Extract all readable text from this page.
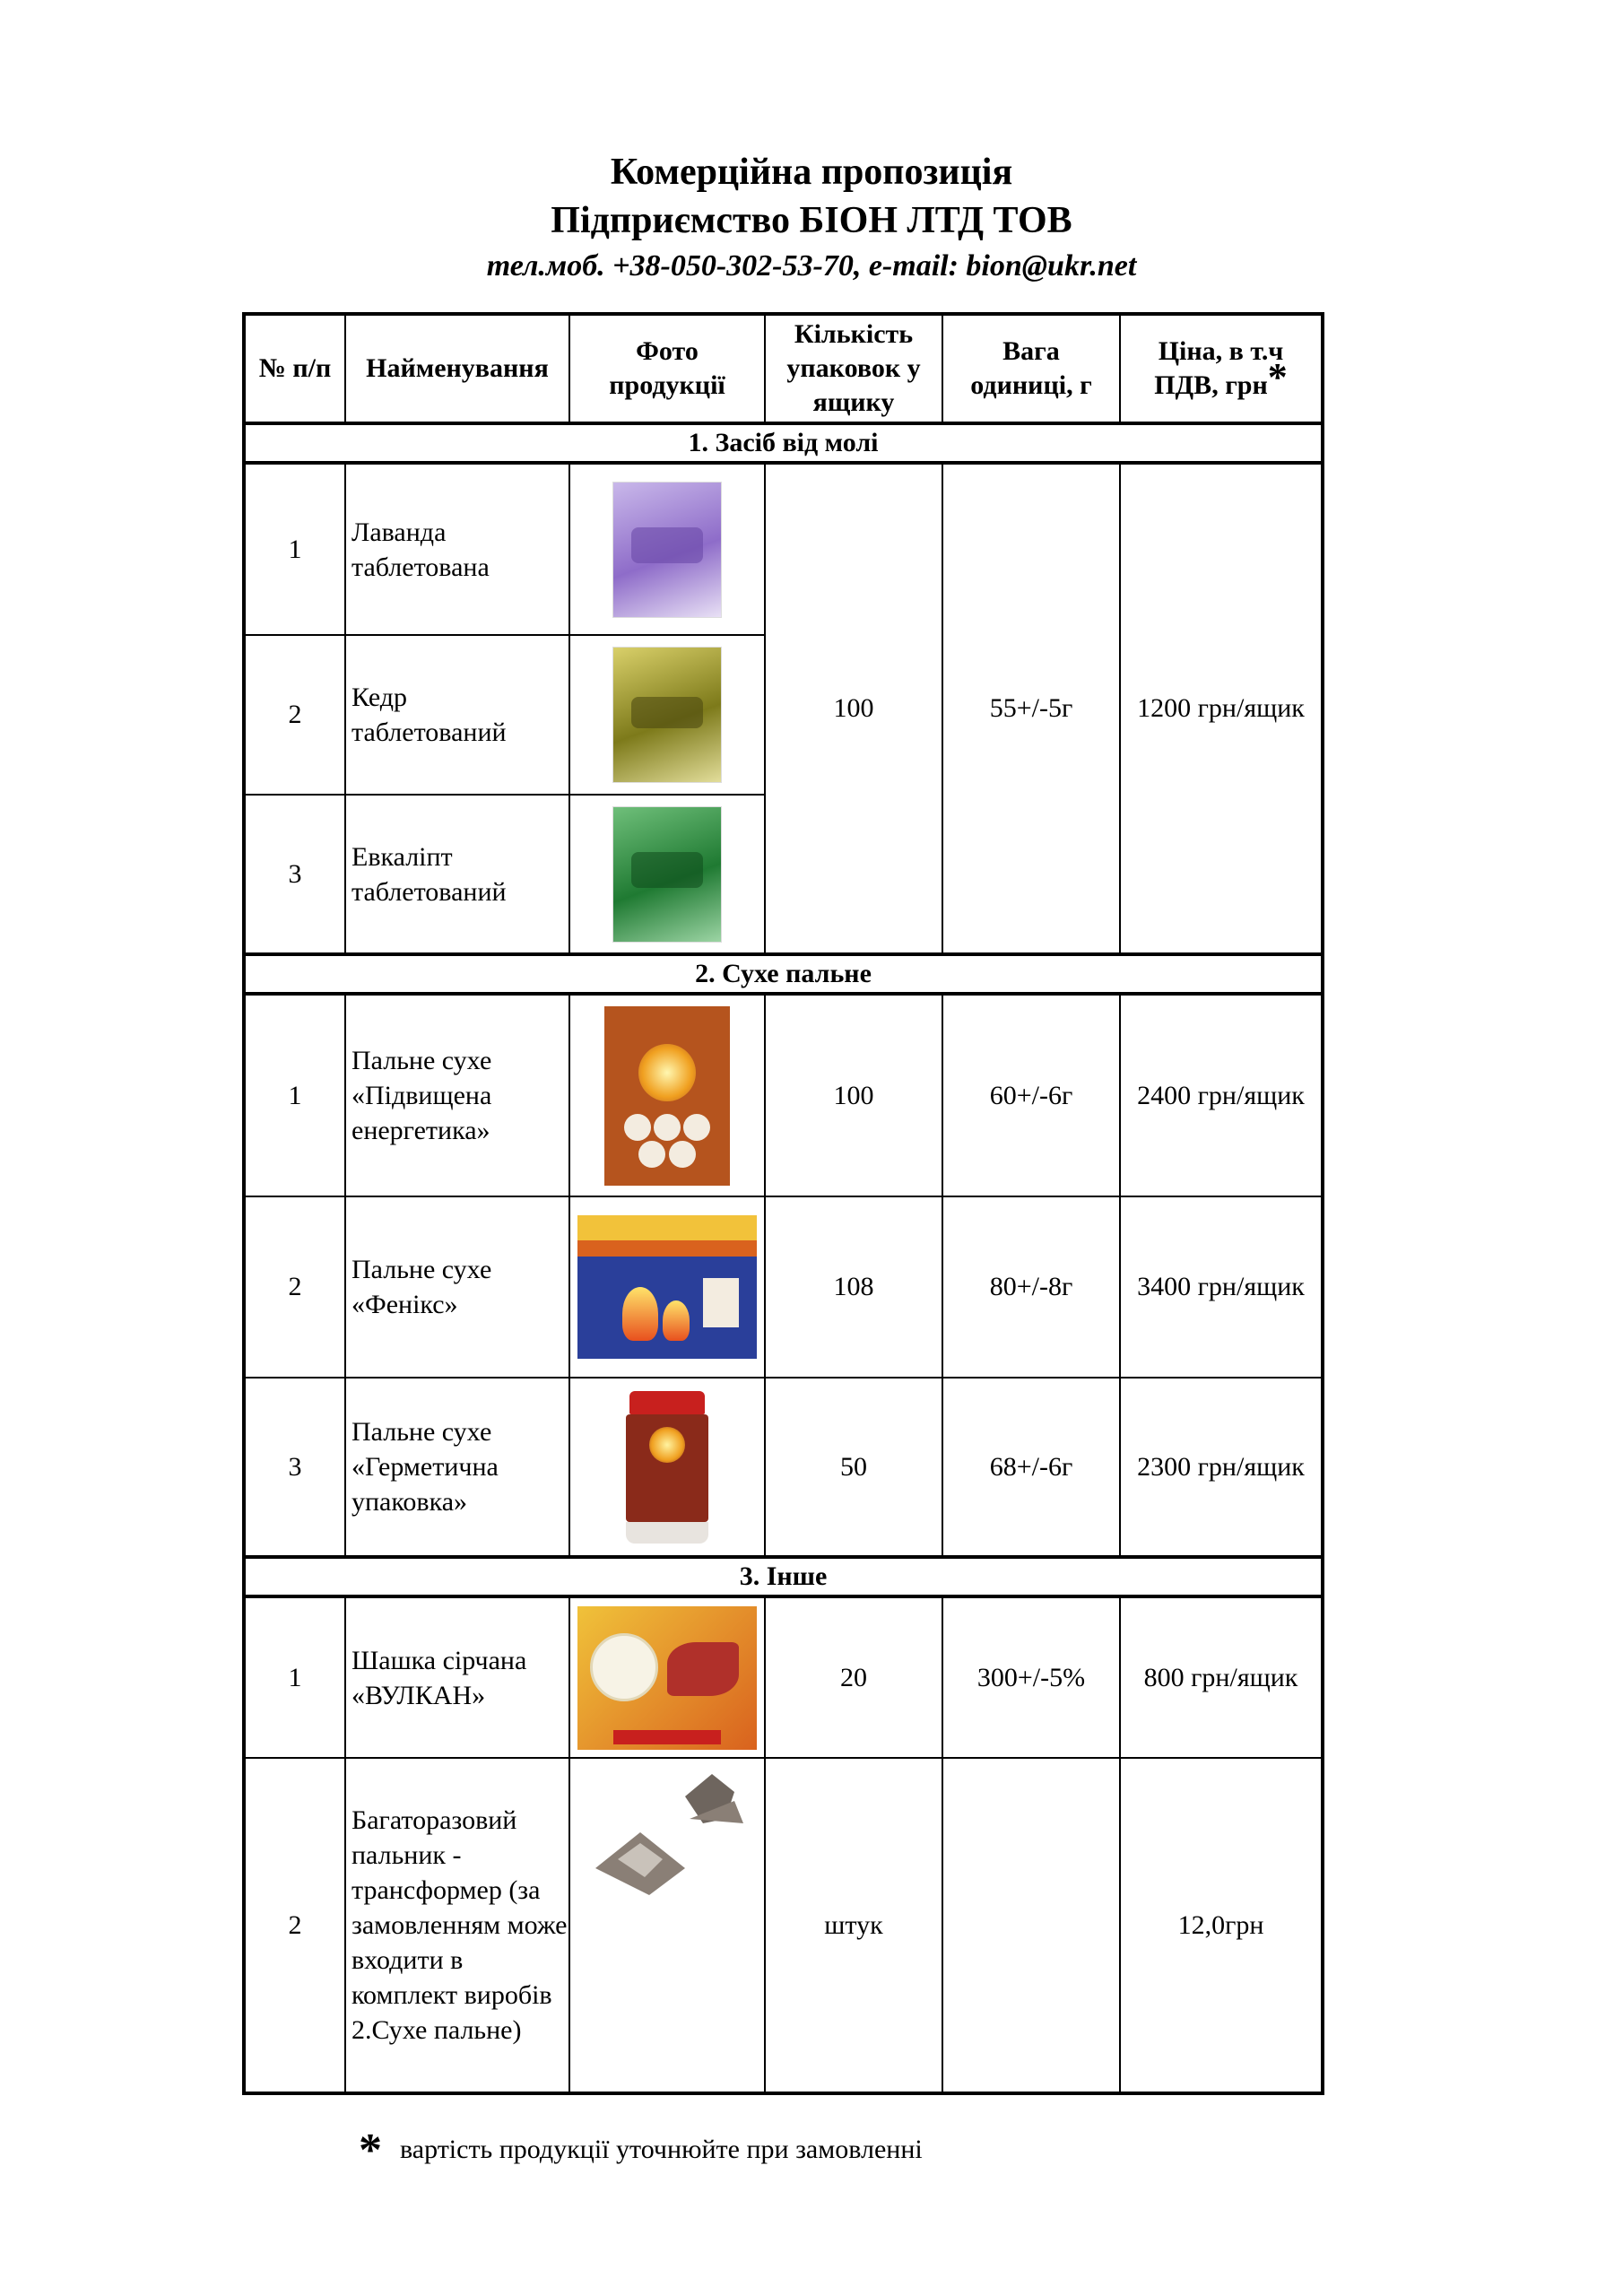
Комерційна пропозиція
Підприємство БІОН ЛТД ТОВ
тел.моб. +38-050-302-53-70, e-mail: bion@ukr.net
№ п/п	Найменування	Фото продукції	Кількість упаковок у ящику	Вага одиниці, г	Ціна, в т.ч ПДВ, грн*

1. Засіб від молі					
1	Лаванда таблетована		100	55+/-5г	1200 грн/ящик
2	Кедр таблетований				

3	Евкаліпт таблетований				

2. Сухе пальне					
1	Пальне сухе «Підвищена енергетика»		100	60+/-6г	2400 грн/ящик
2	Пальне сухе «Фенікс»		108	80+/-8г	3400 грн/ящик
3	Пальне сухе «Герметична упаковка»		50	68+/-6г	2300 грн/ящик
3. Інше					
1	Шашка сірчана «ВУЛКАН»		20	300+/-5%	800 грн/ящик
2	Багаторазовий пальник - трансформер (за замовленням може входити в комплект виробів 2.Сухе пальне)		штук		12,0грн
* вартість продукції уточнюйте при замовленні
